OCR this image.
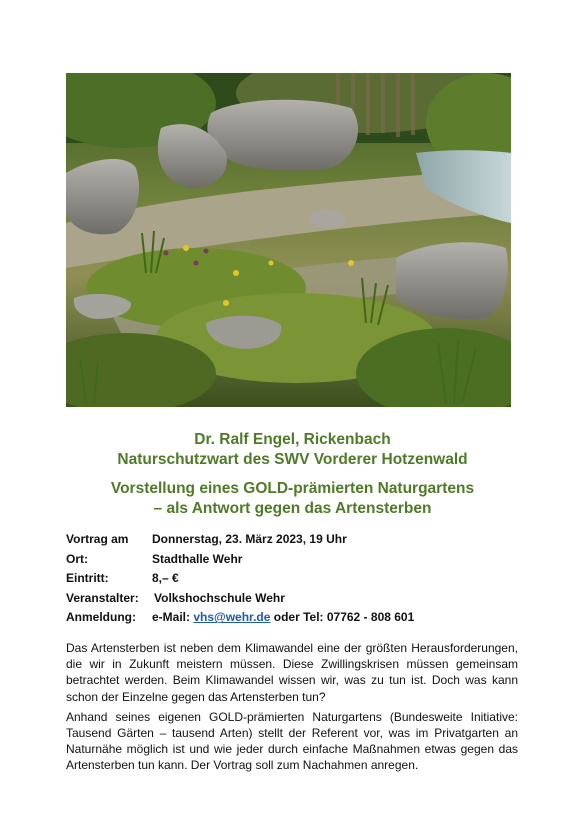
Dr. Ralf Engel, Rickenbach
Naturschutzwart des SWV Vorderer Hotzenwald
Vorstellung eines GOLD-prämierten Naturgartens
– als Antwort gegen das Artensterben
Vortrag am	Donnerstag, 23. März 2023, 19 Uhr
Ort:	Stadthalle Wehr
Eintritt:	8,– €
Veranstalter:	Volkshochschule Wehr
Anmeldung:	e-Mail: vhs@wehr.de oder Tel: 07762 - 808 601

Das Artensterben ist neben dem Klimawandel eine der größten Herausforderungen, die wir in Zukunft meistern müssen. Diese Zwillingskrisen müssen gemeinsam betrachtet werden. Beim Klimawandel wissen wir, was zu tun ist. Doch was kann schon der Einzelne gegen das Artensterben tun?

Anhand seines eigenen GOLD-prämierten Naturgartens (Bundesweite Initiative: Tausend Gärten – tausend Arten) stellt der Referent vor, was im Privatgarten an Naturnähe möglich ist und wie jeder durch einfache Maßnahmen etwas gegen das Artensterben tun kann. Der Vortrag soll zum Nachahmen anregen.
